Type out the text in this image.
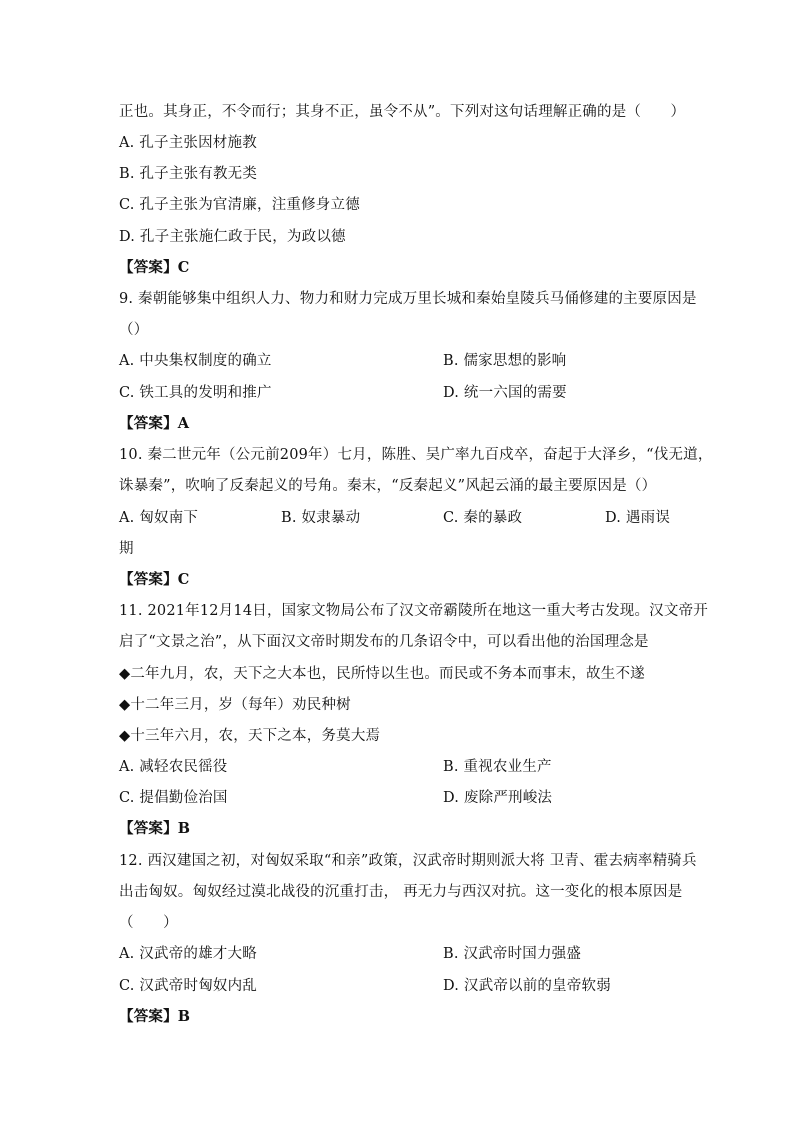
正也。其身正，不令而行；其身不正，虽令不从”。下列对这句话理解正确的是（　　）
A. 孔子主张因材施教
B. 孔子主张有教无类
C. 孔子主张为官清廉，注重修身立德
D. 孔子主张施仁政于民，为政以德
【答案】C
9. 秦朝能够集中组织人力、物力和财力完成万里长城和秦始皇陵兵马俑修建的主要原因是
（）
A. 中央集权制度的确立	B. 儒家思想的影响
C. 铁工具的发明和推广	D. 统一六国的需要
【答案】A
10. 秦二世元年（公元前209年）七月，陈胜、吴广率九百戍卒，奋起于大泽乡，“伐无道，
诛暴秦”，吹响了反秦起义的号角。秦末，“反秦起义”风起云涌的最主要原因是（）
A. 匈奴南下	B. 奴隶暴动	C. 秦的暴政	D. 遇雨误
期
【答案】C
11. 2021年12月14日，国家文物局公布了汉文帝霸陵所在地这一重大考古发现。汉文帝开
启了“文景之治”，从下面汉文帝时期发布的几条诏令中，可以看出他的治国理念是
◆二年九月，农，天下之大本也，民所恃以生也。而民或不务本而事末，故生不遂
◆十二年三月，岁（每年）劝民种树
◆十三年六月，农，天下之本，务莫大焉
A. 减轻农民徭役	B. 重视农业生产
C. 提倡勤俭治国	D. 废除严刑峻法
【答案】B
12. 西汉建国之初，对匈奴采取“和亲”政策，汉武帝时期则派大将 卫青、霍去病率精骑兵
出击匈奴。匈奴经过漠北战役的沉重打击， 再无力与西汉对抗。这一变化的根本原因是
（　　）
A. 汉武帝的雄才大略	B. 汉武帝时国力强盛
C. 汉武帝时匈奴内乱	D. 汉武帝以前的皇帝软弱
【答案】B
